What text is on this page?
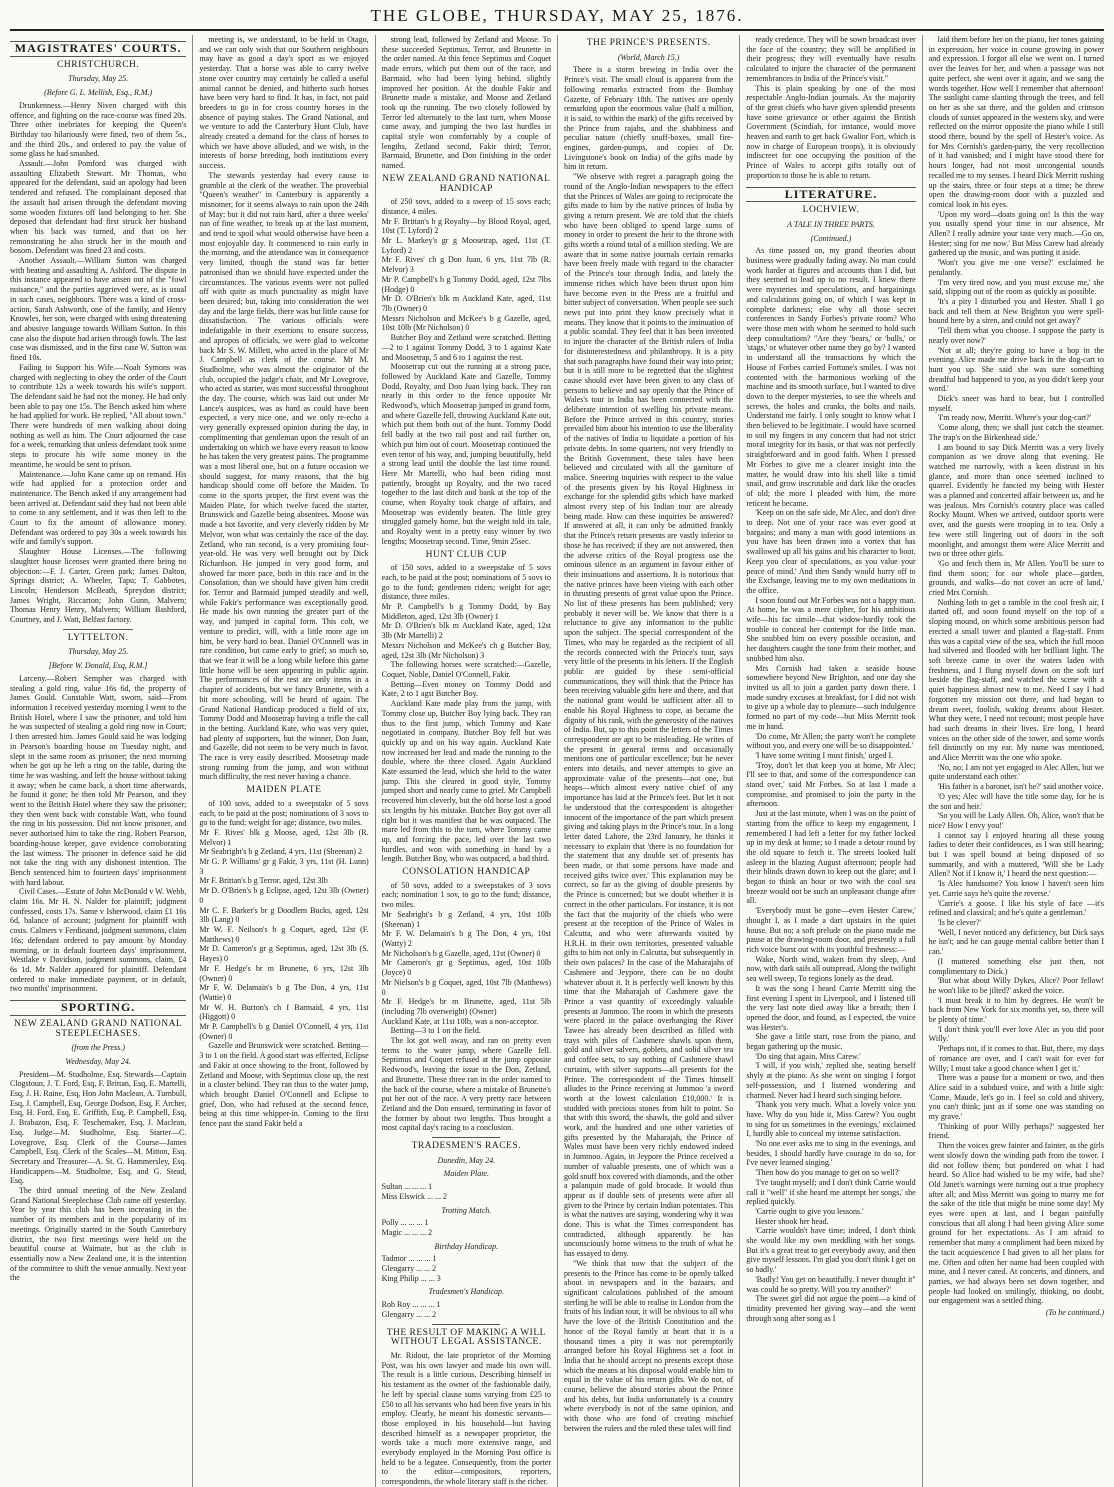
THE GLOBE, THURSDAY, MAY 25, 1876.
MAGISTRATES' COURTS.
CHRISTCHURCH.
Thursday, May 25.
(Before G. L. Mellish, Esq., R.M.)

Drunkenness.—Henry Niven charged with this offence, and fighting on the race-course was fined 20s. Three other inebriates for keeping the Queen's Birthday too hilariously were fined, two of them 5s., and the third 20s., and ordered to pay the value of some glass he had smashed.

Assault.—John Pomford was charged with assaulting Elizabeth Stewart. Mr Thomas, who appeared for the defendant, said an apology had been tendered and refused. The complainant deposed that the assault had arisen through the defendant moving some wooden fixtures off land belonging to her. She deposed that defendant had first struck her husband when his back was turned, and that on her remonstrating he also struck her in the mouth and bosom. Defendant was fined 23 and costs.

Another Assault.—William Sutton was charged with beating and assaulting A. Ashford. The dispute in this instance appeared to have arisen out of the "fowl nuisance," and the parties aggrieved were, as is usual in such cases, neighbours. There was a kind of cross-action, Sarah Ashworth, one of the family, and Henry Knowles, her son, were charged with using threatening and abusive language towards William Sutton. In this case also the dispute had arisen through fowls. The last case was dismissed, and in the first case W. Sutton was fined 10s.

Failing to Support his Wife.—Noah Symons was charged with neglecting to obey the order of the Court to contribute 12s a week towards his wife's support. The defendant said he had not the money. He had only been able to pay one 15s. The Bench asked him where he had applied for work. He replied, "All about town." There were hundreds of men walking about doing nothing as well as him. The Court adjourned the case for a week, remarking that unless defendant took some steps to procure his wife some money in the meantime, he would be sent to prison.

Maintenance.—John Kane came up on remand. His wife had applied for a protection order and maintenance. The Bench asked if any arrangement had been arrived at. Defendant said they had not been able to come to any settlement, and it was then left to the Court to fix the amount of allowance money. Defendant was ordered to pay 30s a week towards his wife and family's support.

Slaughter House Licenses.—The following slaughter house licenses were granted there being no objection:—F. J. Carter, Green park; James Dalton, Springs district; A. Wheeler, Tapu; T. Gabbotes, Lincoln; Henderson McBeath, Spreydon district; James Wright, Riccarton; John Gunn, Malvern; Thomas Henry Henry, Malvern; William Bashford, Courtney, and J. Watt, Belfast factory.

LYTTELTON.
Thursday, May 25.
[Before W. Donald, Esq, R.M.]

Larceny.—Robert Sempher was charged with stealing a gold ring, value 16s 6d, the property of James Gould. Constable Watt, sworn, said—From information I received yesterday morning I went to the British Hotel, where I saw the prisoner, and told him he was suspected of stealing a gold ring now in Court; I then arrested him. James Gould said he was lodging in Pearson's boarding house on Tuesday night, and slept in the same room as prisoner; the next morning when he got up he left a ring on the table, during the time he was washing, and left the house without taking it away; when he came back, a short time afterwards, he found it gone; he then told Mr Pearson, and they went to the British Hotel where they saw the prisoner; they then went back with constable Watt, who found the ring in his possession. Did not know prisoner, and never authorised him to take the ring. Robert Pearson, boarding-house keeper, gave evidence corroborating the last witness. The prisoner in defence said he did not take the ring with any dishonest intention. The Bench sentenced him to fourteen days' imprisonment with hard labour.

Civil Cases.—Estate of John McDonald v W. Webb, claim 16s. Mr H. N. Nalder for plaintiff; judgment confessed, costs 17s. Same v Isherwood, claim £1 16s 6d, balance of account; judgment for plaintiff with costs. Calmers v Ferdinand, judgment summons, claim 16s; defendant ordered to pay amount by Monday morning, or in default fourteen days' imprisonment. Westlake v Davidson, judgment summons, claim, £4 6s 1d. Mr Nalder appeared for plaintiff. Defendant ordered to make immediate payment, or in default, two months' imprisonment.

SPORTING.
NEW ZEALAND GRAND NATIONAL STEEPLECHASES.
(from the Press.)
Wednesday, May 24.

President—M. Studholme, Esq. Stewards—Captain Clogstoun, J. T. Ford, Esq, F. Brittan, Esq, E. Martelli, Esq, J. H. Raine, Esq, Hon John Maclean, A. Turnbull, Esq, J. Campbell, Esq, George Dodson, Esq, F. Archer, Esq, H. Ford, Esq, E. Griffith, Esq, P. Campbell, Esq, J. Brabazon, Esq, F. Teschemaker, Esq, J. Maclean, Esq. Judge—M. Studholme, Esq. Starter—C. Lovegrove, Esq. Clerk of the Course—James Campbell, Esq. Clerk of the Scales—M. Mitton, Esq. Secretary and Treasurer—A. St. G. Hammersley, Esq. Handicappers—M. Studholme, Esq, and G. Stead, Esq.

The third annual meeting of the New Zealand Grand National Steeplechase Club came off yesterday. Year by year this club has been increasing in the number of its members and in the popularity of its meetings. Originally started in the South Canterbury district, the two first meetings were held on the beautiful course at Waimate, but as the club is essentially now a New Zealand one, it is the intention of the committee to shift the venue annually. Next year the

meeting is, we understand, to be held in Otago, and we can only wish that our Southern neighbours may have as good a day's sport as we enjoyed yesterday. That a horse was able to carry twelve stone over country may certainly be called a useful animal cannot be denied, and hitherto such horses have been very hard to find. It has, in fact, not paid breeders to go in for cross country horses in the absence of paying stakes. The Grand National, and we venture to add the Canterbury Hunt Club, have already created a demand for the class of horses to which we have above alluded, and we wish, in the interests of horse breeding, both institutions every success.

The stewards yesterday had every cause to grumble at the clerk of the weather. The proverbial "Queen's weather" in Canterbury is apparently a misnomer, for it seems always to rain upon the 24th of May; but it did not rain hard, after a three weeks' run of fine weather, to break up at the last moment, and tend to spoil what would otherwise have been a most enjoyable day. It commenced to rain early in the morning, and the attendance was in consequence very limited, though the stand was far better patronised than we should have expected under the circumstances. The various events were not pulled off with quite as much punctuality as might have been desired; but, taking into consideration the wet day and the large fields, there was but little cause for dissatisfaction. The various officials were indefatigable in their exertions to ensure success, and apropos of officials, we were glad to welcome back Mr S. W. Millett, who acted in the place of Mr J. Campbell as clerk of the course. Mr M. Studholme, who was almost the originator of the club, occupied the judge's chair, and Mr Lovegrove, who acted as starter, was most successful throughout the day. The course, which was laid out under Mr Lance's auspices, was as hard as could have been expected, a very nice one, and we only re-echo a very generally expressed opinion during the day, in complimenting that gentleman upon the result of an undertaking on which we have every reason to know he has taken the very greatest pains. The programme was a most liberal one, but on a future occasion we should suggest, for many reasons, that the big handicap should come off before the Maiden. To come to the sports proper, the first event was the Maiden Plate, for which twelve faced the starter, Brunswick and Gazelle being absentees. Moose was made a hot favorite, and very cleverly ridden by Mr Melvor, won what was certainly the race of the day. Zetland, who ran second, is a very promising four-year-old. He was very well brought out by Dick Richardson. He jumped in very good form, and showed far more pace, both in this race and in the Consolation, than we should have given him credit for. Terror and Barmaid jumped steadily and well, while Fakir's performance was exceptionally good. He made his own running the greater part of the way, and jumped in capital form. This colt, we venture to predict, will, with a little more age on him, be very hard to beat. Daniel O'Connell was in rare condition, but came early to grief; so much so, that we fear it will be a long while before this game little horse will be seen appearing in public again. The performances of the rest are only items in a chapter of accidents, but we fancy Brunette, with a bit more schooling, will be heard of again. The Grand National Handicap produced a field of six, Tommy Dodd and Moosetrap having a trifle the call in the betting. Auckland Kate, who was very quiet, had plenty of supporters, but the winner, Don Juan, and Gazelle, did not seem to be very much in favor. The race is very easily described. Moosetrap made strong running from the jump, and won without much difficulty, the rest never having a chance.

MAIDEN PLATE

of 100 sovs, added to a sweepstake of 5 sovs each, to be paid at the post; nominations of 3 sovs to go to the fund; weight for age; distance, two miles.

Mr F. Rives' blk g Moose, aged, 12st 3lb (R. Melvor) 1
Mr Seabright's b g Zetland, 4 yrs, 11st (Sheenan) 2
Mr G. P. Williams' gr g Fakir, 3 yrs, 11st (H. Lunn) 3
Mr F. Brittan's b g Terror, aged, 12st 3lb
Mr D. O'Brien's b g Eclipse, aged, 12st 3lb (Owner) 0
Mr C. F. Barker's br g Doodlem Bucks, aged, 12st 3lb (Lang) 0
Mr W. F. Neilson's b g Coquet, aged, 12st (F. Matthews) 0
Mr D. Cameron's gr g Septimus, aged, 12st 3lb (S. Hayes) 0
Mr F. Hedge's br m Brunette, 6 yrs, 12st 3lb (Owner) 0
Mr F. W. Delamain's b g The Don, 4 yrs, 11st (Wattie) 0
Mr W. H. Burton's ch f Barmaid, 4 yrs, 11st (Higgott) 0
Mr P. Campbell's b g Daniel O'Connell, 4 yrs, 11st (Owner) 0

Gazelle and Brunswick were scratched. Betting—3 to 1 on the field. A good start was effected, Eclipse and Fakir at once showing to the front, followed by Zetland and Moose, with Septimus close up, the rest in a cluster behind. They ran thus to the water jump, which brought Daniel O'Connell and Eclipse to grief, Don, who had refused at the second fence, being at this time whipper-in. Coming to the first fence past the stand Fakir held a

strong lead, followed by Zetland and Moose. To these succeeded Septimus, Terror, and Brunette in the order named. At this fence Septimus and Coquet made errors, which put them out of the race, and Barmaid, who had been lying behind, slightly improved her position. At the double Fakir and Brunette made a mistake, and Moose and Zetland took up the running. The two closely followed by Terror led alternately to the last turn, when Moose came away, and jumping the two last hurdles in capital style won comfortably by a couple of lengths, Zetland second, Fakir third; Terror, Barmaid, Brunette, and Don finishing in the order named.

NEW ZEALAND GRAND NATIONAL HANDICAP

of 250 sovs, added to a sweep of 15 sovs each; distance, 4 miles.

Mr F. Brittan's b g Royalty—by Blood Royal, aged, 10st (T. Lyford) 2
Mr L. Markey's gr g Moosetrap, aged, 11st (T. Lyford) 2
Mr F. Rives' ch g Don Juan, 6 yrs, 11st 7lb (R. Melvor) 3
Mr P. Campbell's b g Tommy Dodd, aged, 12st 7lbs (Hodge) 0
Mr D. O'Brien's blk m Auckland Kate, aged, 11st 7lb (Owner) 0
Messrs Nicholson and McKee's b g Gazelle, aged, 10st 10lb (Mr Nicholson) 0

Butcher Boy and Zetland were scratched. Betting—2 to 1 against Tommy Dodd, 3 to 1 against Kate and Moosetrap, 5 and 6 to 1 against the rest.

Moosetrap cut out the running at a strong pace, followed by Auckland Kate and Gazelle, Tommy Dodd, Royalty, and Don Juan lying back. They ran nearly in this order to the fence opposite Mr Redwood's, which Moosetrap jumped in grand form, and where Gazelle fell, throwing Auckland Kate out, which put them both out of the hunt. Tommy Dodd fell badly at the two rail post and rail further on, which put him out of court. Moosetrap continued the even tenor of his way, and, jumping beautifully, held a strong lead until the double the last time round. Here Mr Martelli, who had been riding most patiently, brought up Royalty, and the two raced together to the last ditch and bank at the top of the course, when Royalty took charge of affairs, and Moosetrap was evidently beaten. The little grey struggled gamely home, but the weight told its tale, and Royalty went in a pretty easy winner by two lengths; Moosetrap second. Time, 9min 25sec.

HUNT CLUB CUP

of 150 sovs, added to a sweepstake of 5 sovs each, to be paid at the post; nominations of 5 sovs to go to the fund; gentlemen riders; weight for age; distance, three miles.

Mr P. Campbell's b g Tommy Dodd, by Bay Middleton, aged, 12st 3lb (Owner) 1
Mr D. O'Brien's blk m Auckland Kate, aged, 12st 3lb (Mr Martelli) 2
Messrs Nicholson and McKee's ch g Butcher Boy, aged, 12st 3lb (Mr Nicholson) 3

The following horses were scratched:—Gazelle, Coquet, Noble, Daniel O'Connell, Fakir.

Betting—Even money on Tommy Dodd and Kate, 2 to 1 agst Butcher Boy.

Auckland Kate made play from the jump, with Tommy close up, Butcher Boy lying back. They ran thus to the first jump, which Tommy and Kate negotiated in company. Butcher Boy fell but was quickly up and on his way again. Auckland Kate now increased her lead and made the running to the double, where the three closed. Again Auckland Kate assumed the lead, which she held to the water jump. This she cleared in good style, Tommy jumped short and nearly came to grief. Mr Campbell recovered him cleverly, but the old horse lost a good six lengths by his mistake. Butcher Boy got over all right but it was manifest that he was outpaced. The mare led from this to the turn, where Tommy came up, and forcing the pace, led over the last two hurdles, and won with something in hand by a length. Butcher Boy, who was outpaced, a bad third.

CONSOLATION HANDICAP

of 50 sovs, added to a sweepstakes of 3 sovs each; nomination 1 sov, to go to the fund; distance, two miles.

Mr Seabright's b g Zetland, 4 yrs, 10st 10lb (Sheenan) 1
Mr F. W. Delamain's b g The Don, 4 yrs, 10st (Watty) 2
Mr Nicholson's b g Gazelle, aged, 11st (Owner) 0
Mr Cameron's gr g Septimus, aged, 10st 10lb (Joyce) 0
Mr Nielson's b g Coquet, aged, 10st 7lb (Matthews) 0
Mr F. Hedge's br m Brunette, aged, 11st 5lb (including 7lb overweight) (Owner)
Auckland Kate, at 11st 10lb, was a non-acceptor.

Betting—3 to 1 on the field.

The lot got well away, and ran on pretty even terms to the water jump, where Gazelle fell. Septimus and Coquet refused at the jump opposite Redwood's, leaving the issue to the Don, Zetland, and Brunette. These three ran in the order named to the back of the course, where a mistake of Brunette's put her out of the race. A very pretty race between Zetland and the Don ensued, terminating in favor of the former by about two lengths. Thus brought a most capital day's racing to a conclusion.

TRADESMEN'S RACES.
Dunedin, May 24.
Maiden Plate.
Sultan ... ... ... 1
Miss Elswick ... ... 2
Trotting Match.
Polly ... ... ... 1
Magic ... ... ... 2
Birthday Handicap.
Tadmor ... ... ... 1
Glengarry ... ... 2
King Philip ... ... 3
Tradesmen's Handicap.
Rob Roy ... ... ... 1
Glengarry ... ... 2
THE RESULT OF MAKING A WILL WITHOUT LEGAL ASSISTANCE.

Mr. Ridout, the late proprietor of the Morning Post, was his own lawyer and made his own will. The result is a little curious. Describing himself in his testament as the owner of the fashionable daily, he left by special clause sums varying from £25 to £50 to all his servants who had been five years in his employ. Clearly, he meant his domestic servants—those employed in his household—but having described himself as a newspaper proprietor, the words take a much more extensive range, and everybody employed in the Morning Post office is held to be a legatee. Consequently, from the porter to the editor—compositors, reporters, correspondents, the whole literary staff is the richer.

THE PRINCE'S PRESENTS.
(World, March 15.)

There is a storm brewing in India over the Prince's visit. The small cloud is apparent from the following remarks extracted from the Bombay Gazette, of February 18th. The natives are openly remarking upon the enormous value (half a million, it is said, to within the mark) of the gifts received by the Prince from rajahs, and the shabbiness and peculiar nature (chiefly snuff-boxes, small fire-engines, garden-pumps, and copies of Dr. Livingstone's book on India) of the gifts made by him in return.

"We observe with regret a paragraph going the round of the Anglo-Indian newspapers to the effect that the Princes of Wales are going to reciprocate the gifts made to him by the native princes of India by giving a return present. We are told that the chiefs who have been obliged to spend large sums of money in order to present the heir to the throne with gifts worth a round total of a million sterling. We are aware that in some native journals certain remarks have been freely made with regard to the character of the Prince's tour through India, and lately the immense riches which have been thrust upon him have become even in the Press are a fruitful and bitter subject of conversation. When people see such news put into print they know precisely what it means. They know that it points to the insinuation of a public scandal. They feel that it has been invented to injure the character of the British rulers of India for disinterestedness and philanthropy. It is a pity that such paragraphs have found their way into print; but it is still more to be regretted that the slightest cause should ever have been given to any class of persons to believe and say openly that the Prince of Wales's tour in India has been connected with the deliberate intention of swelling his private means. Before the Prince arrived in this country, stories prevailed him about his intention to use the liberality of the natives of India to liquidate a portion of his private debts. In some quarters, not very friendly to the British Government, these tales have been believed and circulated with all the garniture of malice. Sneering inquiries with respect to the value of the presents given by his Royal Highness in exchange for the splendid gifts which have marked almost every step of his Indian tour are already being made. How can these inquiries be answered? If answered at all, it can only be admitted frankly that the Prince's return presents are vastly inferior to those he has received; if they are not answered, then the adverse critics of the Royal progress use the ominous silence as an argument in favour either of their insinuations and assertions. It is notorious that the native princes have been vieing with each other in thrusting presents of great value upon the Prince. No list of these presents has been published; very probably it never will be. We know that there is a reluctance to give any information to the public upon the subject. The special correspondent of the Times, who may be regarded as the recipient of all the records connected with the Prince's tour, says very little of the presents in his letters. If the English public are guided by these semi-official communications, they will think that the Prince has been receiving valuable gifts here and there, and that the national grant would be sufficient after all to enable his Royal Highness to cope, as became the dignity of his rank, with the generosity of the natives of India. But, up to this point the letters of the Times correspondent are apt to be misleading. He writes of the present in general terms and occasionally mentions one of particular excellence; but he never enters into details, and never attempts to give an approximate value of the presents—not one, but heaps—which almost every native chief of any importance has laid at the Prince's feet. But let it not be understood that the correspondent is altogether innocent of the importance of the part which present giving and taking plays in the Prince's tour. In a long letter dated Lahore, the 23rd January, he thinks it necessary to explain that 'there is no foundation for the statement that any double set of presents has been made, or that some persons have made and received gifts twice over.' This explanation may be correct, so far as the giving of double presents by the Prince is concerned; but we doubt whether it is correct in the other particulars. For instance, it is not the fact that the majority of the chiefs who were present at the reception of the Prince of Wales in Calcutta, and who were afterwards visited by H.R.H. in their own territories, presented valuable gifts to him not only in Calcutta, but subsequently in their own palaces? In the case of the Maharajahs of Cashmere and Jeypore, there can be no doubt whatever about it. It is perfectly well known by this time that the Maharajah of Cashmere gave the Prince a vast quantity of exceedingly valuable presents at Jummoo. The room in which the presents were placed in the palace overhanging the River Tawee has already been described as filled with trays with piles of Cashmere shawls upon them, gold and silver salvers, goblets, and solid silver tea and coffee sets, to say nothing of Cashmere shawl curtains, with silver supports—all presents for the Prince. The correspondent of the Times himself alludes to the Prince receiving at Jummoo 'a sword worth at the lowest calculation £10,000.' It is studded with precious stones from hilt to point. So that with this sword, the shawls, the gold and silver work, and the hundred and one other varieties of gifts presented by the Maharajah, the Prince of Wales must have been very richly endowed indeed in Jummoo. Again, in Jeypore the Prince received a number of valuable presents, one of which was a gold snuff box covered with diamonds, and the other a palanquin made of gold brocade. It would thus appear as if double sets of presents were after all given to the Prince by certain Indian potentates. This is what the natives are saying, wondering why it was done. This is what the Times correspondent has contradicted, although apparently he has unconsciously borne witness to the truth of what he has essayed to deny.

"We think that now that the subject of the presents to the Prince has come to be openly talked about in newspapers and in the bazaars, and significant calculations published of the amount sterling he will be able to realise in London from the fruits of his Indian tour, it will be obvious to all who have the love of the British Constitution and the honor of the Royal family at heart that it is a thousand times a pity it was not peremptorily arranged before his Royal Highness set a foot in India that he should accept no presents except those which the means at his disposal would enable him to equal in the value of his return gifts. We do not, of course, believe the absurd stories about the Prince and his debts, but India unfortunately is a country where everybody is not of the same opinion, and with those who are fond of creating mischief between the rulers and the ruled these tales will find

ready credence. They will be sown broadcast over the face of the country; they will be amplified in their progress; they will eventually have results calculated to injure the character of the permanent remembrances in India of the Prince's visit."

This is plain speaking by one of the most respectable Anglo-Indian journals. As the majority of the great chiefs who have given splendid presents have some grievance or other against the British Government (Scindiah, for instance, would move heaven and earth to get back Gwalior Fort, which is now in charge of European troops), it is obviously indiscreet for one occupying the position of the Prince of Wales to accept gifts totally out of proportion to those he is able to return.

LITERATURE.
LOCHVIEW.
A TALE IN THREE PARTS.
(Continued.)

As time passed on, my grand theories about business were gradually fading away. No man could work harder at figures and accounts than I did, but they seemed to lead up to no result. I knew there were mysteries and speculations, and bargainings and calculations going on, of which I was kept in complete darkness; else why all those secret conferences in Sandy Forbes's private room? Who were those men with whom he seemed to hold such deep consultations? "Are they 'bears,' or 'bulls,' or 'stags,' or whatever other name they go by? I wanted to understand all the transactions by which the House of Forbes carried Fortune's smiles. I was not contented with the harmonious working of the machine and its smooth surface, but I wanted to dive down to the deeper mysteries, to see the wheels and screws, the holes and cranks, the bolts and nails. Understand me fairly. I only sought to know what I then believed to be legitimate. I would have scorned to soil my fingers in any concern that had not strict moral integrity for its basis, or that was not perfectly straightforward and in good faith. When I pressed Mr Forbes to give me a clearer insight into the matter, he would draw into his shell like a timid snail, and grow inscrutable and dark like the oracles of old; the more I pleaded with him, the more reticent he became.

'Keep on on the safe side, Mr Alec, and don't dive to deep. Not one of your race was ever good at bargains; and many a man with good intentions as you have has been drawn into a vortex that has swallowed up all his gains and his character to boot. Keep you clear of speculations, as you value your peace of mind.' And then Sandy would hurry off to the Exchange, leaving me to my own meditations in the office.

I soon found out Mr Forbes was not a happy man. At home, he was a mere cipher, for his ambitious wife—his fac simile—that widow-hardly took the trouble to conceal her contempt for the little man. She snubbed him on every possible occasion, and her daughters caught the tone from their mother, and snubbed him also.

Mrs Cornish had taken a seaside house somewhere beyond New Brighton, and one day she invited us all to join a garden party down there. I made sundry excuses at breakfast, for I did not wish to give up a whole day to pleasure—such indulgence formed no part of my code—but Miss Merritt took me in hand.

'Do come, Mr Allen; the party won't be complete without you, and every one will be so disappointed.'

'I have some writing I must finish,' urged I.

'Troy, don't let that keep you at home, Mr Alec; I'll see to that, and some of the correspondence can stand over,' said Mr Forbes. So at last I made a compromise, and promised to join the party in the afternoon.

Just at the last minute, when I was on the point of starting from the office to keep my engagement, I remembered I had left a letter for my father locked up in my desk at home; so I made a detour round by the old square to fetch it. The streets looked half asleep in the blazing August afternoon; people had their blinds drawn down to keep out the glare; and I began to think an hour or two with the cool sea breeze would not be such an unpleasant change after all.

'Everybody must be gone—even Hester Carew,' thought I, as I made a dart upstairs in the quiet house. But no; a soft prelude on the piano made me pause at the drawing-room door, and presently a full rich voice burst out with its youthful freshness:—

Wake, North wind, waken from thy sleep, And now, with dark sails all outspread, Along the twilight sea well sweep, To regions lonely as the dead.

It was the song I heard Carrie Merritt sing the first evening I spent in Liverpool, and I listened till the very last note died away like a breath; then I opened the door, and found, as I expected, the voice was Hester's.

She gave a little start, rose from the piano, and began gathering up the music.

'Do sing that again, Miss Carew.'

'I will, if you wish,' replied she, seating herself shyly at the piano. As she went on singing I forgot self-possession, and I listened wondering and charmed. Never had I heard such singing before.

'Thank you very much. What a lovely voice you have. Why do you hide it, Miss Carew? You ought to sing for us sometimes in the evenings,' exclaimed I, hardly able to conceal my intense satisfaction.

'No one ever asks me to sing in the evenings, and besides, I should hardly have courage to do so, for I've never learned singing.'

'Then how do you manage to get on so well?'

'I've taught myself; and I don't think Carrie would call it "well" if she heard me attempt her songs,' she replied quickly.

'Carrie ought to give you lessons.'

Hester shook her head.

'Carrie wouldn't have time; indeed, I don't think she would like my own meddling with her songs. But it's a great treat to get everybody away, and then give myself lessons. I'm glad you don't think I get on so badly.'

'Badly! You get on beautifully. I never thought it" was could be so pretty. Will you try another?'

The sweet girl did not argue the point—a kind of timidity prevented her giving way—and she went through song after song as I

laid them before her on the piano, her tones gaining in expression, her voice in course growing in power and expression. I forgot all else we went on. I turned over the leaves for her, and when a passage was not quite perfect, she went over it again, and we sang the words together. How well I remember that afternoon! The sunlight came slanting through the trees, and fell on her as she sat there, and the golden and crimson clouds of sunset appeared in the western sky, and were reflected on the mirror opposite the piano while I still stood there, bound by the spell of Hester's voice. As for Mrs Cornish's garden-party, the very recollection of it had vanished; and I might have stood there for hours longer, had not most uncongenial sounds recalled me to my senses. I heard Dick Merritt rushing up the stairs, three or four steps at a time; he threw open the drawing-room door with a puzzled and comical look in his eyes.

'Upon my word—doats going on! Is this the way you usually spend your time in our absence, Mr Allen? I really admire your taste very much.—Go on, Hester; sing for me now.' But Miss Carew had already gathered up the music, and was putting it aside.

'Won't you give me one verse?' exclaimed he petulantly.

'I'm very tired now, and you must excuse me,' she said, slipping out of the room as quickly as possible.

'It's a pity I disturbed you and Hester. Shall I go back and tell them at New Brighton you were spell-bound here by a siren, and could not get away?'

'Tell them what you choose. I suppose the party is nearly over now?'

'Not at all; they're going to have a hop in the evening. Alice made me drive back in the dog-cart to hunt you up. She said she was sure something dreadful had happened to you, as you didn't keep your word.'

Dick's sneer was hard to bear, but I controlled myself.

'I'm ready now, Merritt. Where's your dog-cart?'

'Come along, then; we shall just catch the steamer. The trap's on the Birkenhead side.'

I am bound to say Dick Merritt was a very lively companion as we drove along that evening. He watched me narrowly, with a keen distrust in his glance, and more than once seemed inclined to quarrel. Evidently he fancied my being with Hester was a planned and concerted affair between us, and he was jealous. Mrs Cornish's country place was called Rocky Mount. When we arrived, outdoor sports were over, and the guests were trooping in to tea. Only a few were still lingering out of doors in the soft moonlight, and amongst them were Alice Merritt and two or three other girls.

'Go and fetch them in, Mr Allen. You'll be sure to find them soon; for our whole place—garden, grounds, and walks—do not cover an acre of land,' cried Mrs Cornish.

Nothing loth to get a ramble in the cool fresh air, I darted off, and soon found myself on the top of a sloping mound, on which some ambitious person had erected a small tower and planted a flag-staff. From this was a capital view of the sea, which the full moon had silvered and flooded with her brilliant light. The soft breeze came in over the waters laden with freshness, and I flung myself down on the soft turf beside the flag-staff, and watched the scene with a quiet happiness almost new to me. Need I say I had forgotten my mission out there, and had began to dream sweet, foolish, waking dreams about Hester. What they were, I need not recount; most people have had such dreams in their lives. Ere long, I heard voices on the other side of the tower, and some words fell distinctly on my ear. My name was mentioned, and Alice Merritt was the one who spoke.

'No, no; I am not yet engaged to Alec Allen, but we quite understand each other.'

'His father is a baronet, isn't he?' said another voice.

'O yes; Alec will have the title some day, for he is the son and heir.'

'So you will be Lady Allen. Oh, Alice, won't that be nice? How I envy you!'

I cannot say I enjoyed hearing all these young ladies to deter their confidences, as I was still hearing; but I was spell bound at being disposed of so summarily, and with a muttered, 'Will she be Lady Allen? Not if I know it,' I heard the next question:—

'Is Alec handsome? You know I haven't seen him yet. Carrie says he's quite the reverse.'

'Carrie's a goose. I like his style of face —it's refined and classical; and he's quite a gentleman.'

'Is he clever?'

'Well, I never noticed any deficiency, but Dick says he isn't; and he can gauge mental calibre better than I can.'

(I muttered something else just then, not complimentary to Dick.)

'But what about Willy Dykes, Alice? Poor fellow! he won't like to be jilted?' asked the voice.

'I must break it to him by degrees. He won't be back from New York for six months yet, so, there will be plenty of time.'

'I don't think you'll ever love Alec as you did poor Willy.'

'Perhaps not, if it comes to that. But, there, my days of romance are over, and I can't wait for ever for Willy; I must take a good chance when I get it.'

There was a pause for a moment or two, and then Alice said in a subdued voice, and with a little sigh: 'Come, Maude, let's go in. I feel so cold and shivery, you can't think; just as if some one was standing on my grave.'

'Thinking of poor Willy perhaps?' suggested her friend.

Then the voices grew fainter and fainter, as the girls went slowly down the winding path from the tower. I did not follow them; but pondered on what I had heard. So Alice had wished to be my wife, had she? Old Janet's warnings were turning out a true prophecy after all; and Miss Merritt was going to marry me for the sake of the title that might be mine some day! My eyes were open at last, and I began painfully conscious that all along I had been giving Alice some ground for her expectations. As I am afraid to remember that many a compliment had been mixed by the tacit acquiescence I had given to all her plans for me. Often and often her name had been coupled with mine, and I never cared. At concerts, and dinners, and parties, we had always been set down together, and people had looked on smilingly, thinking, no doubt, our engagement was a settled thing.

(To be continued.)
